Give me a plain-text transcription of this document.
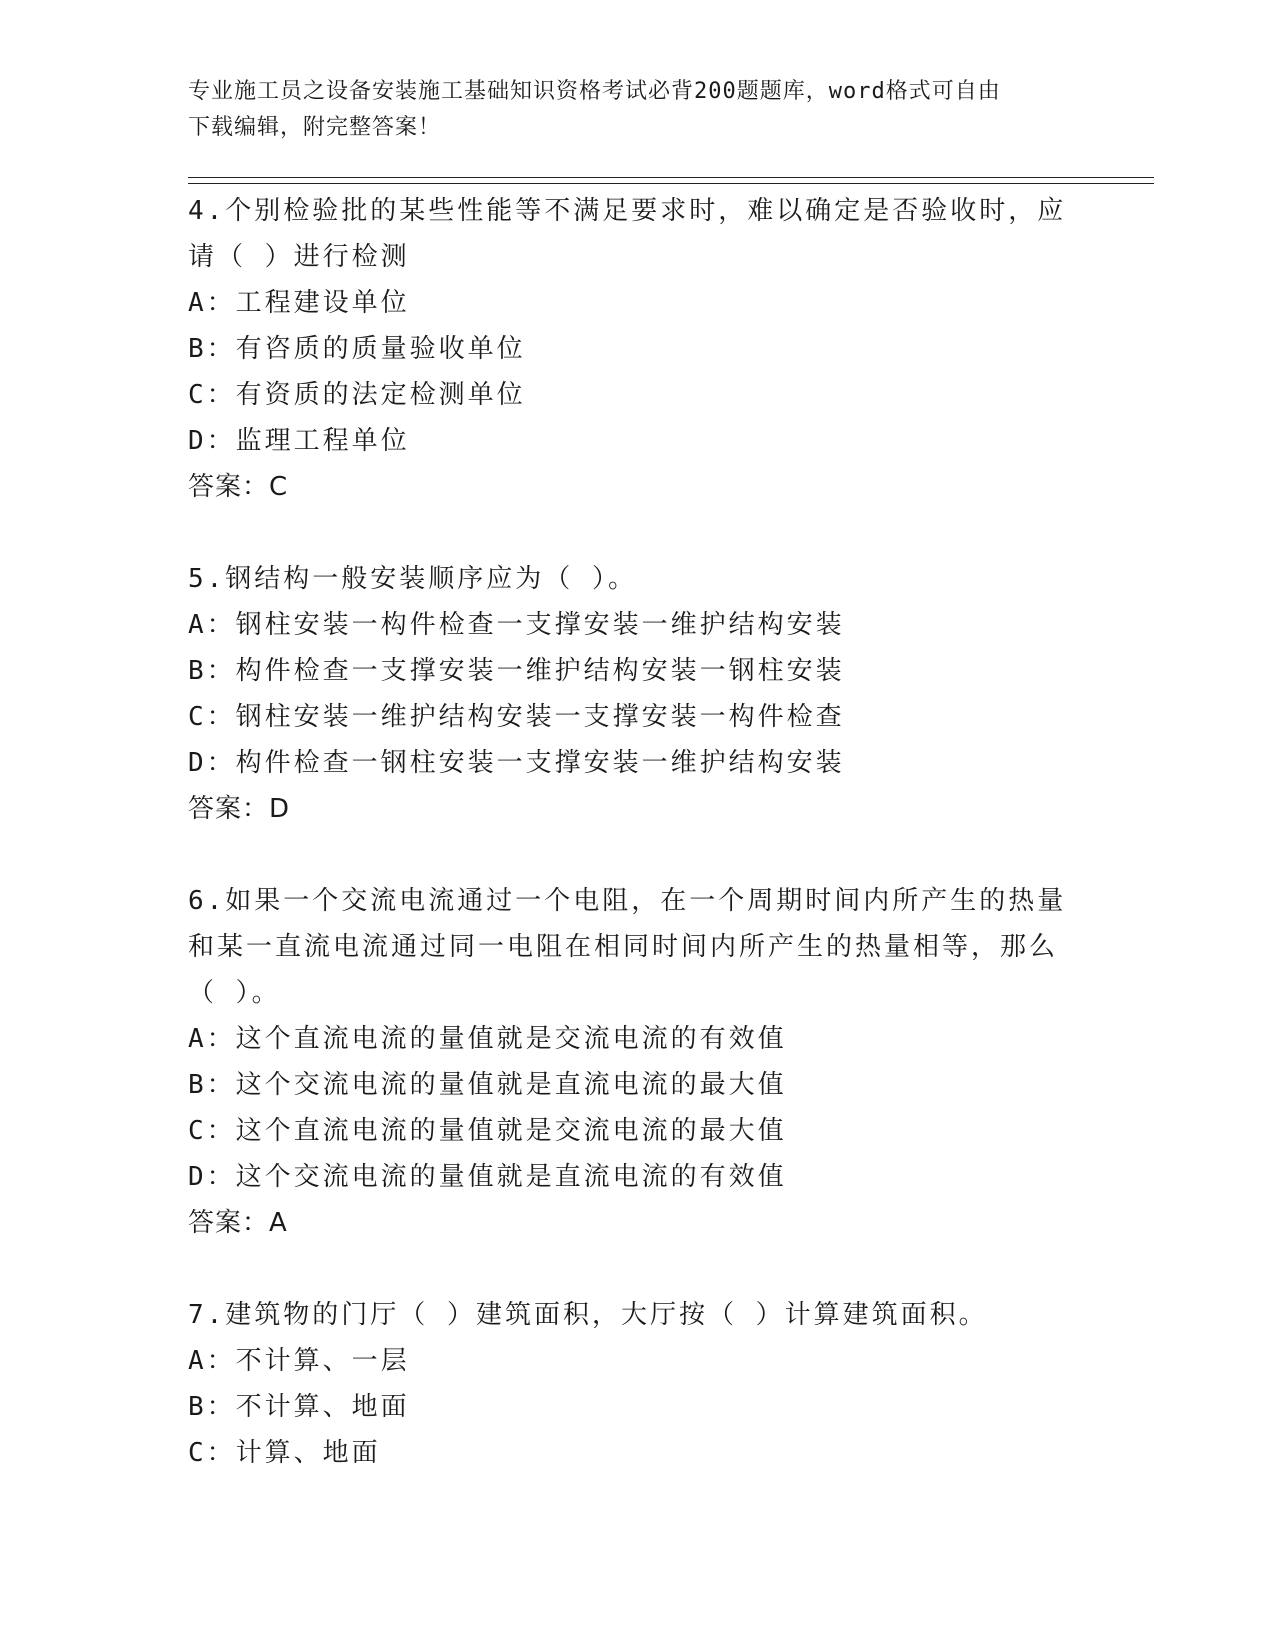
专业施工员之设备安装施工基础知识资格考试必背200题题库，word格式可自由
下载编辑，附完整答案！
4.个别检验批的某些性能等不满足要求时，难以确定是否验收时，应
请（ ）进行检测
A：工程建设单位
B：有咨质的质量验收单位
C：有资质的法定检测单位
D：监理工程单位
答案：C
5.钢结构一般安装顺序应为（ ）。
A：钢柱安装一构件检查一支撑安装一维护结构安装
B：构件检查一支撑安装一维护结构安装一钢柱安装
C：钢柱安装一维护结构安装一支撑安装一构件检查
D：构件检查一钢柱安装一支撑安装一维护结构安装
答案：D
6.如果一个交流电流通过一个电阻，在一个周期时间内所产生的热量
和某一直流电流通过同一电阻在相同时间内所产生的热量相等，那么
（ ）。
A：这个直流电流的量值就是交流电流的有效值
B：这个交流电流的量值就是直流电流的最大值
C：这个直流电流的量值就是交流电流的最大值
D：这个交流电流的量值就是直流电流的有效值
答案：A
7.建筑物的门厅（ ）建筑面积，大厅按（ ）计算建筑面积。
A：不计算、一层
B：不计算、地面
C：计算、地面
